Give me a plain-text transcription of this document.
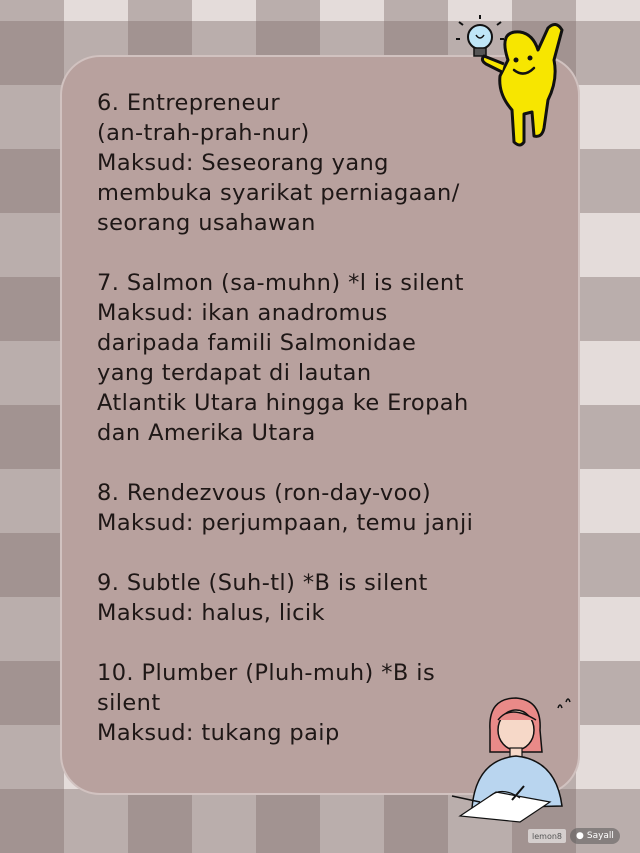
6. Entrepreneur

(an-trah-prah-nur)

Maksud: Seseorang yang

membuka syarikat perniagaan/

seorang usahawan

7. Salmon (sa-muhn) *l is silent

Maksud: ikan anadromus

daripada famili Salmonidae

yang terdapat di lautan

Atlantik Utara hingga ke Eropah

dan Amerika Utara

8. Rendezvous (ron-day-voo)

Maksud: perjumpaan, temu janji

9. Subtle (Suh-tl) *B is silent

Maksud: halus, licik

10. Plumber (Pluh-muh) *B is

silent

Maksud: tukang paip

lemon8	● Sayall
